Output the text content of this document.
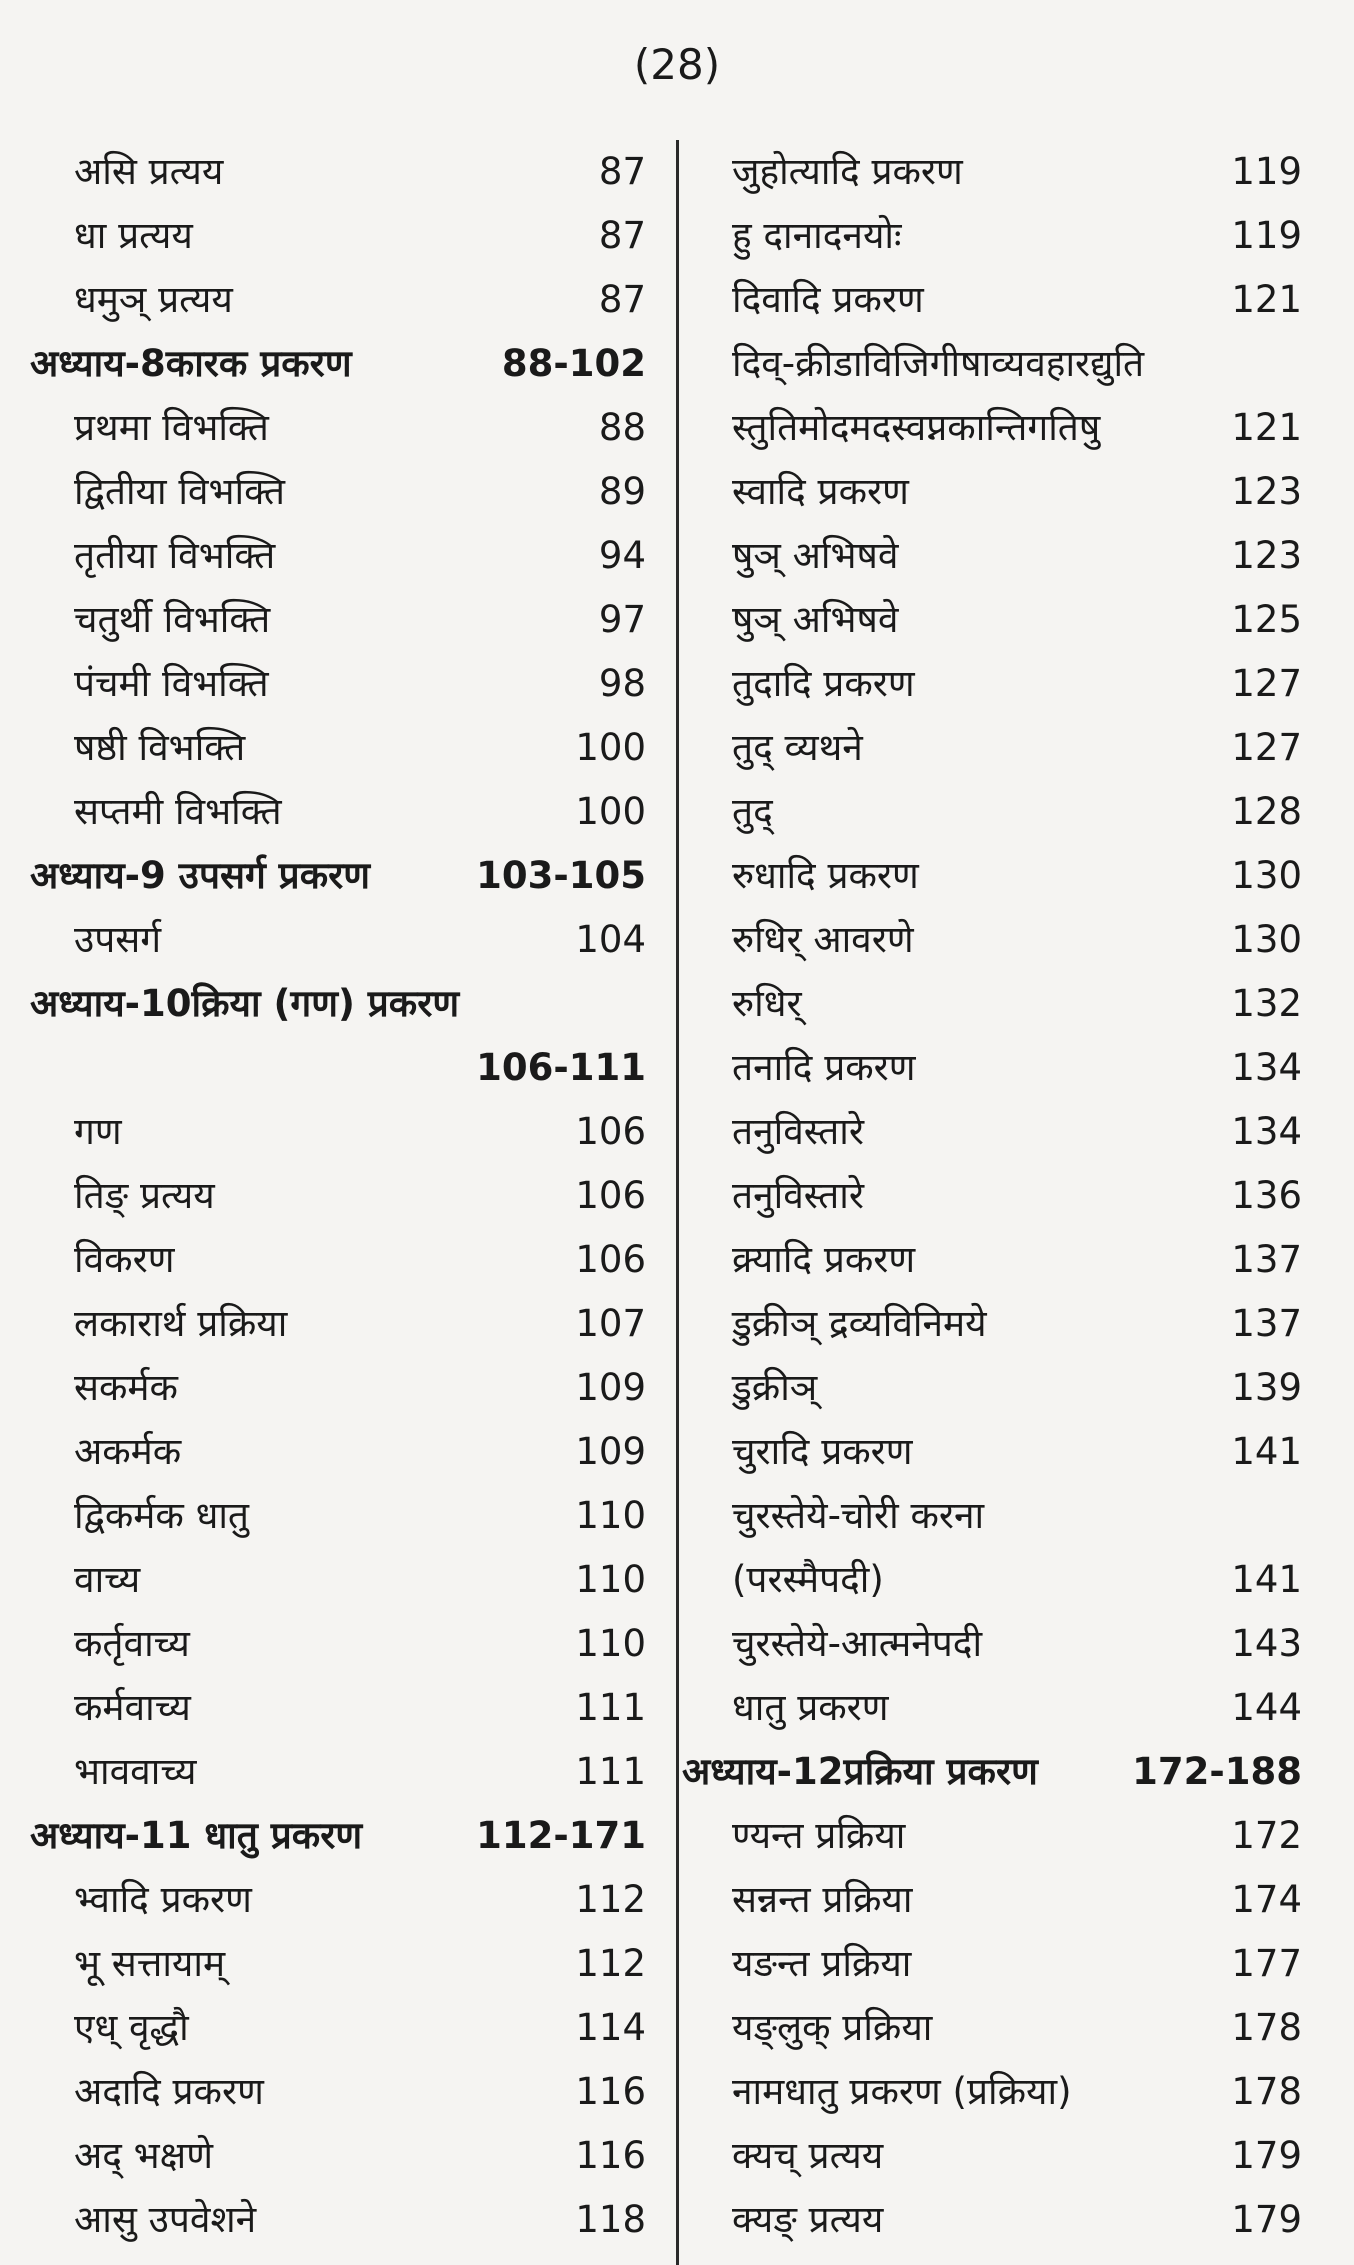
(28)
असि प्रत्यय	87
धा प्रत्यय	87
धमुञ् प्रत्यय	87
अध्याय-8कारक प्रकरण	88-102
प्रथमा विभक्ति	88
द्वितीया विभक्ति	89
तृतीया विभक्ति	94
चतुर्थी विभक्ति	97
पंचमी विभक्ति	98
षष्ठी विभक्ति	100
सप्तमी विभक्ति	100
अध्याय-9 उपसर्ग प्रकरण	103-105
उपसर्ग	104
अध्याय-10क्रिया (गण) प्रकरण
106-111
गण	106
तिङ् प्रत्यय	106
विकरण	106
लकारार्थ प्रक्रिया	107
सकर्मक	109
अकर्मक	109
द्विकर्मक धातु	110
वाच्य	110
कर्तृवाच्य	110
कर्मवाच्य	111
भाववाच्य	111
अध्याय-11 धातु प्रकरण	112-171
भ्वादि प्रकरण	112
भू सत्तायाम्	112
एध् वृद्धौ	114
अदादि प्रकरण	116
अद् भक्षणे	116
आसु उपवेशने	118
जुहोत्यादि प्रकरण	119
हु दानादनयोः	119
दिवादि प्रकरण	121
दिव्-क्रीडाविजिगीषाव्यवहारद्युति
स्तुतिमोदमदस्वप्नकान्तिगतिषु	121
स्वादि प्रकरण	123
षुञ् अभिषवे	123
षुञ् अभिषवे	125
तुदादि प्रकरण	127
तुद् व्यथने	127
तुद्	128
रुधादि प्रकरण	130
रुधिर् आवरणे	130
रुधिर्	132
तनादि प्रकरण	134
तनुविस्तारे	134
तनुविस्तारे	136
क्र्यादि प्रकरण	137
डुक्रीञ् द्रव्यविनिमये	137
डुक्रीञ्	139
चुरादि प्रकरण	141
चुरस्तेये-चोरी करना
(परस्मैपदी)	141
चुरस्तेये-आत्मनेपदी	143
धातु प्रकरण	144
अध्याय-12प्रक्रिया प्रकरण	172-188
ण्यन्त प्रक्रिया	172
सन्नन्त प्रक्रिया	174
यङन्त प्रक्रिया	177
यङ्लुक् प्रक्रिया	178
नामधातु प्रकरण (प्रक्रिया)	178
क्यच् प्रत्यय	179
क्यङ् प्रत्यय	179
